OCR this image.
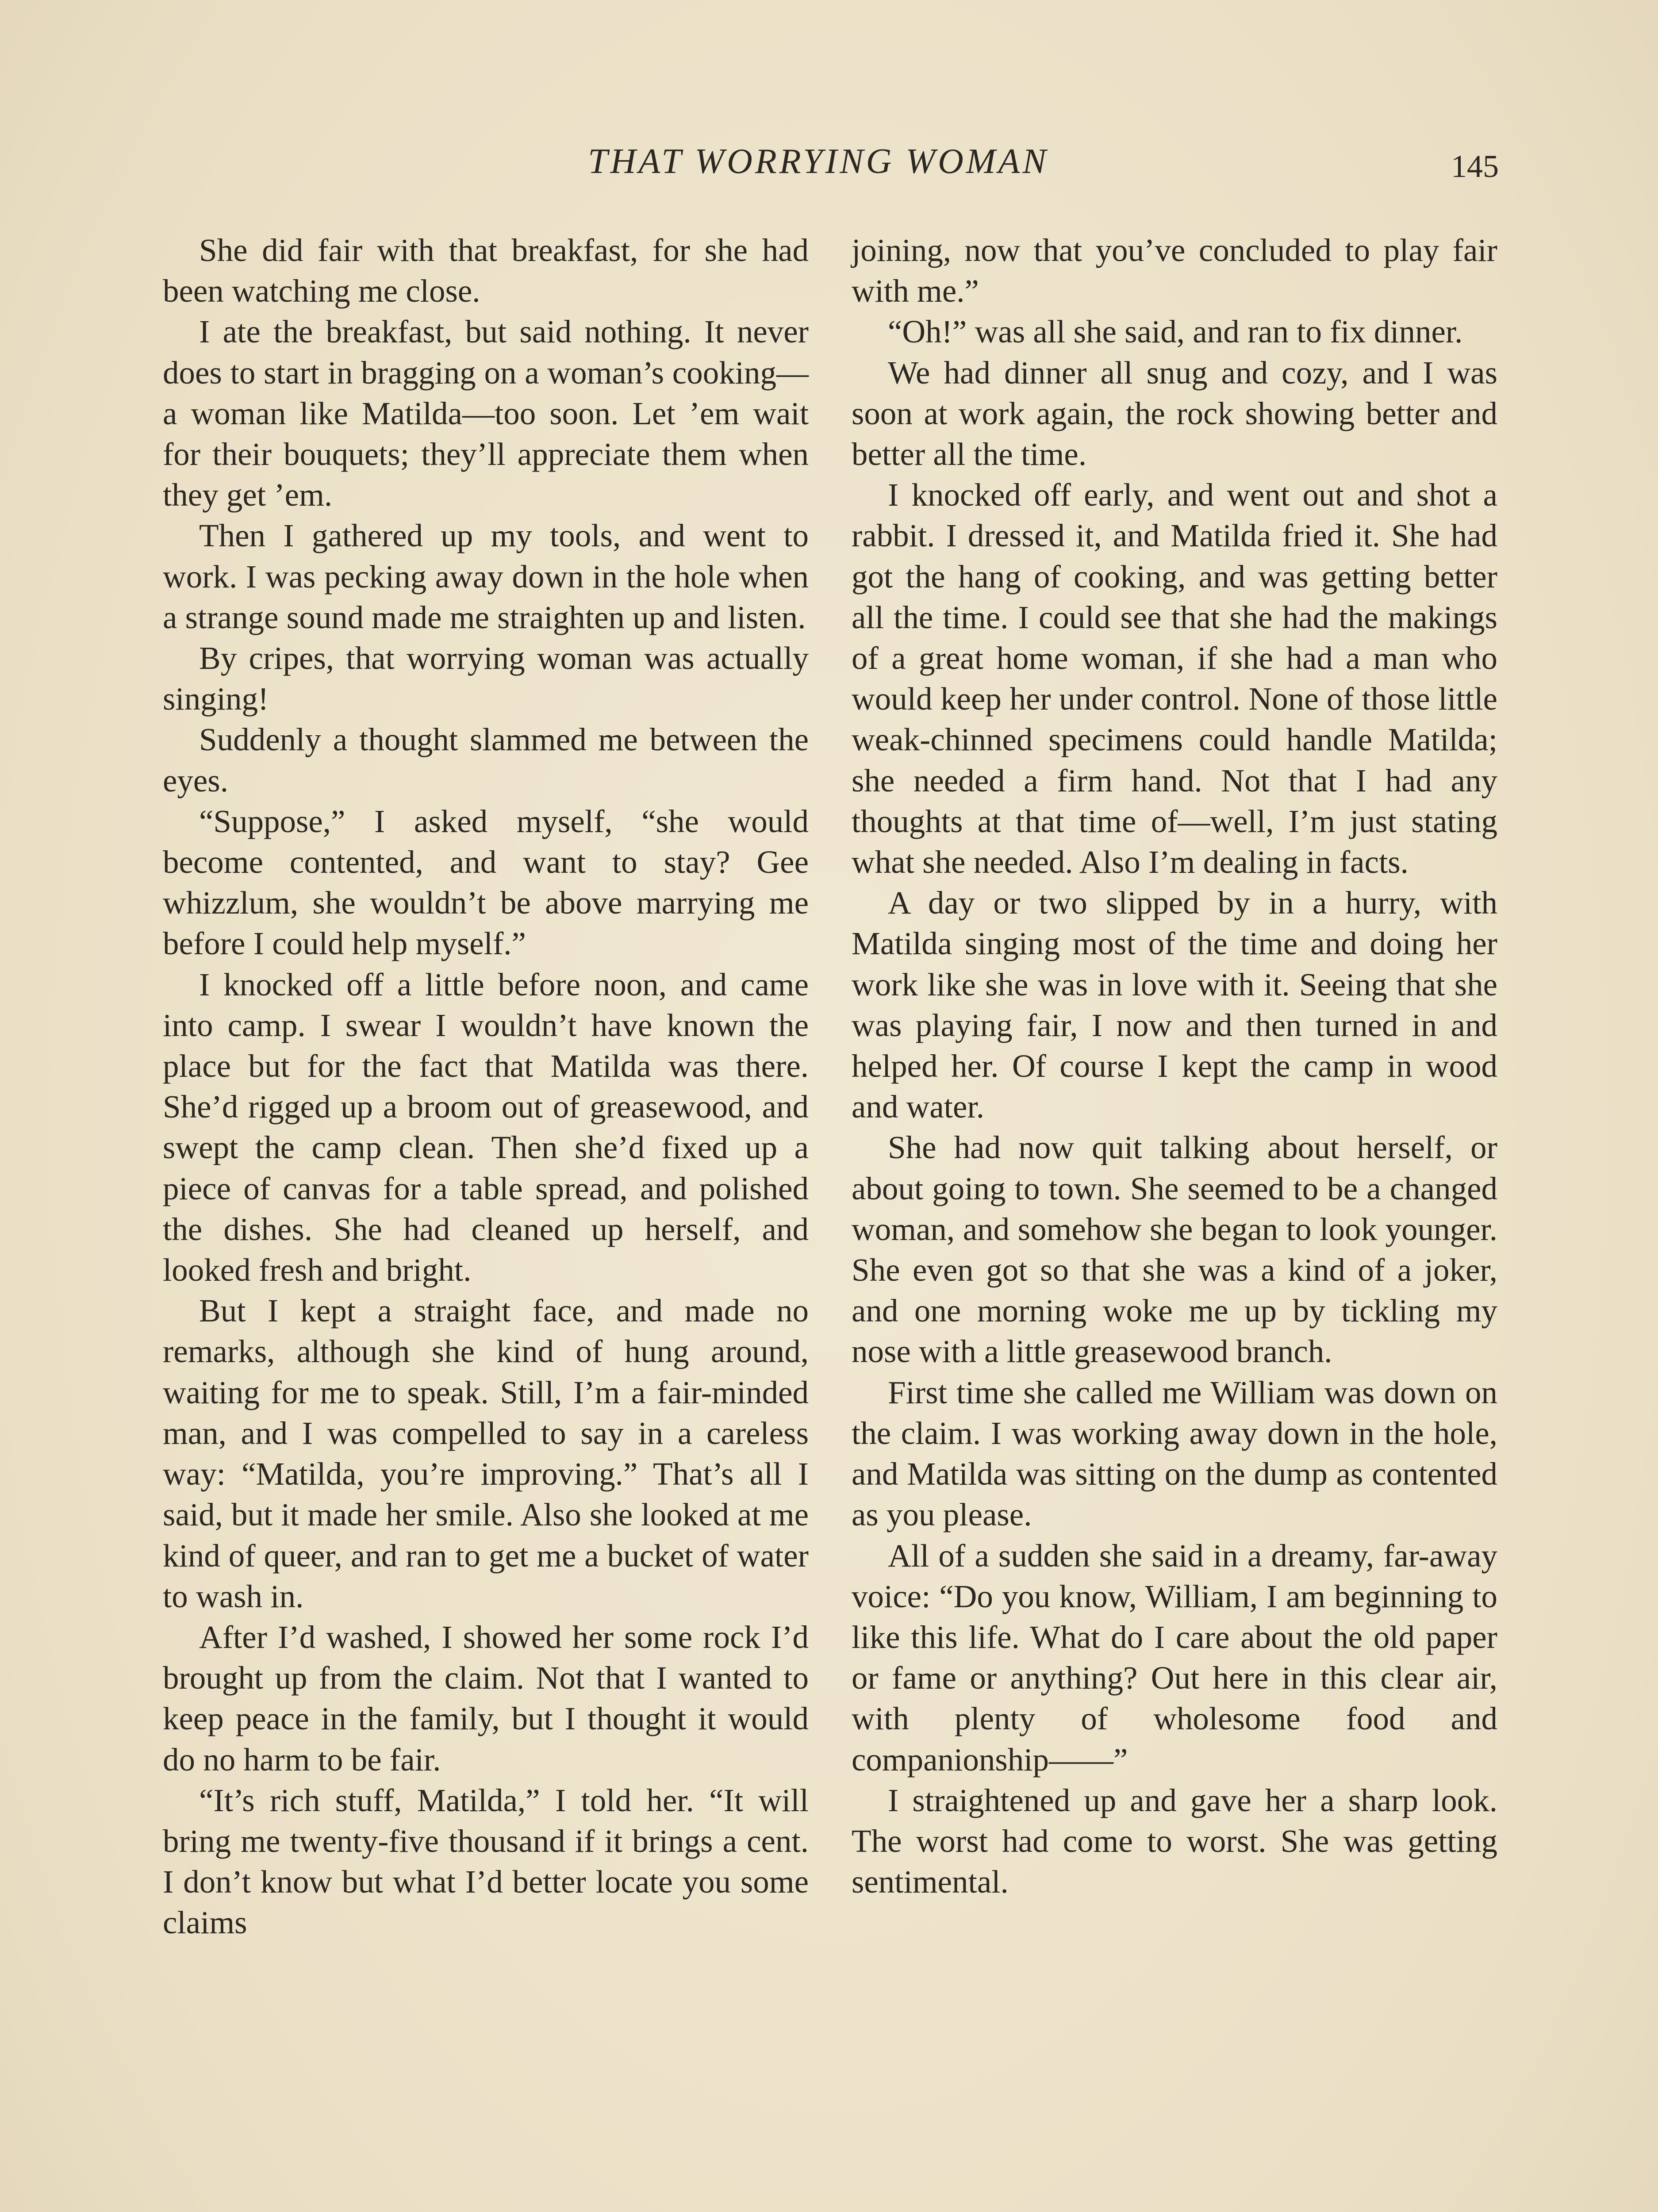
THAT WORRYING WOMAN	145

She did fair with that breakfast, for she had been watching me close.

I ate the breakfast, but said nothing. It never does to start in bragging on a woman’s cooking—a woman like Matilda—too soon. Let ’em wait for their bouquets; they’ll appreciate them when they get ’em.

Then I gathered up my tools, and went to work. I was pecking away down in the hole when a strange sound made me straighten up and listen.

By cripes, that worrying woman was actually singing!

Suddenly a thought slammed me between the eyes.

“Suppose,” I asked myself, “she would become contented, and want to stay? Gee whizzlum, she wouldn’t be above marrying me before I could help myself.”

I knocked off a little before noon, and came into camp. I swear I wouldn’t have known the place but for the fact that Matilda was there. She’d rigged up a broom out of greasewood, and swept the camp clean. Then she’d fixed up a piece of canvas for a table spread, and polished the dishes. She had cleaned up herself, and looked fresh and bright.

But I kept a straight face, and made no remarks, although she kind of hung around, waiting for me to speak. Still, I’m a fair-minded man, and I was compelled to say in a careless way: “Matilda, you’re improving.” That’s all I said, but it made her smile. Also she looked at me kind of queer, and ran to get me a bucket of water to wash in.

After I’d washed, I showed her some rock I’d brought up from the claim. Not that I wanted to keep peace in the family, but I thought it would do no harm to be fair.

“It’s rich stuff, Matilda,” I told her. “It will bring me twenty-five thousand if it brings a cent. I don’t know but what I’d better locate you some claims

joining, now that you’ve concluded to play fair with me.”

“Oh!” was all she said, and ran to fix dinner.

We had dinner all snug and cozy, and I was soon at work again, the rock showing better and better all the time.

I knocked off early, and went out and shot a rabbit. I dressed it, and Matilda fried it. She had got the hang of cooking, and was getting better all the time. I could see that she had the makings of a great home woman, if she had a man who would keep her under control. None of those little weak-chinned specimens could handle Matilda; she needed a firm hand. Not that I had any thoughts at that time of—well, I’m just stating what she needed. Also I’m dealing in facts.

A day or two slipped by in a hurry, with Matilda singing most of the time and doing her work like she was in love with it. Seeing that she was playing fair, I now and then turned in and helped her. Of course I kept the camp in wood and water.

She had now quit talking about herself, or about going to town. She seemed to be a changed woman, and somehow she began to look younger. She even got so that she was a kind of a joker, and one morning woke me up by tickling my nose with a little greasewood branch.

First time she called me William was down on the claim. I was working away down in the hole, and Matilda was sitting on the dump as contented as you please.

All of a sudden she said in a dreamy, far-away voice: “Do you know, William, I am beginning to like this life. What do I care about the old paper or fame or anything? Out here in this clear air, with plenty of wholesome food and companionship——”

I straightened up and gave her a sharp look. The worst had come to worst. She was getting sentimental.
